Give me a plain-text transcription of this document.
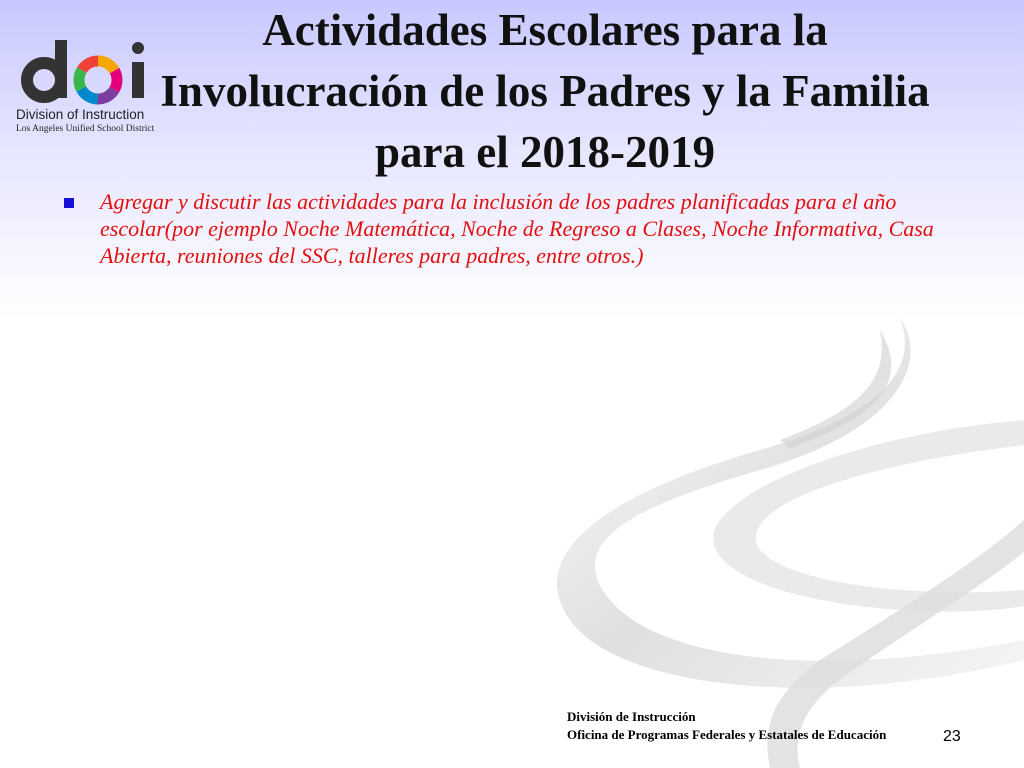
Division of Instruction
Los Angeles Unified School District
Actividades Escolares para la Involucración de los Padres y la Familia para el 2018-2019
Agregar y discutir las actividades para la inclusión de los padres planificadas para el año escolar(por ejemplo Noche Matemática, Noche de Regreso a Clases, Noche Informativa, Casa Abierta, reuniones del SSC, talleres para padres, entre otros.)
División de Instrucción
Oficina de Programas Federales y Estatales de Educación	23
